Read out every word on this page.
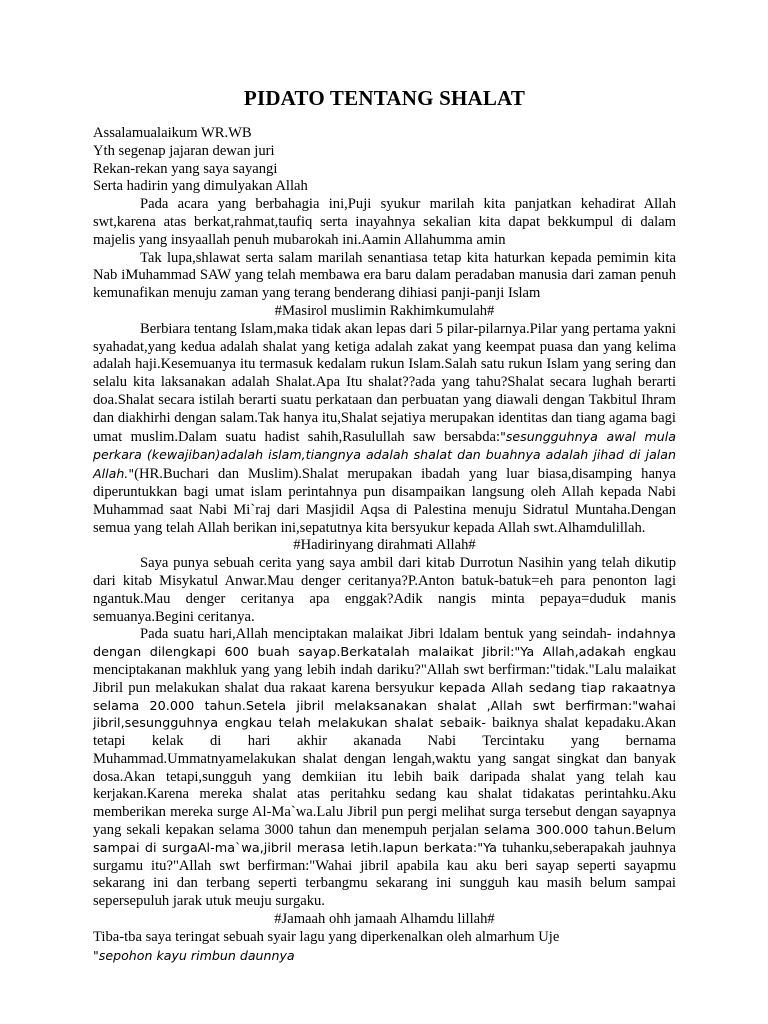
PIDATO TENTANG SHALAT

Assalamualaikum WR.WB

Yth segenap jajaran dewan juri

Rekan-rekan yang saya sayangi

Serta hadirin yang dimulyakan Allah

Pada acara yang berbahagia ini,Puji syukur marilah kita panjatkan kehadirat Allah swt,karena atas berkat,rahmat,taufiq serta inayahnya sekalian kita dapat bekkumpul di dalam majelis yang insyaallah penuh mubarokah ini.Aamin Allahumma amin

Tak lupa,shlawat serta salam marilah senantiasa tetap kita haturkan kepada pemimin kita Nab iMuhammad SAW yang telah membawa era baru dalam peradaban manusia dari zaman penuh kemunafikan menuju zaman yang terang benderang dihiasi panji-panji Islam

#Masirol muslimin Rakhimkumulah#

Berbiara tentang Islam,maka tidak akan lepas dari 5 pilar-pilarnya.Pilar yang pertama yakni syahadat,yang kedua adalah shalat yang ketiga adalah zakat yang keempat puasa dan yang kelima adalah haji.Kesemuanya itu termasuk kedalam rukun Islam.Salah satu rukun Islam yang sering dan selalu kita laksanakan adalah Shalat.Apa Itu shalat??ada yang tahu?Shalat secara lughah berarti doa.Shalat secara istilah berarti suatu perkataan dan perbuatan yang diawali dengan Takbitul Ihram dan diakhirhi dengan salam.Tak hanya itu,Shalat sejatiya merupakan identitas dan tiang agama bagi umat muslim.Dalam suatu hadist sahih,Rasulullah saw bersabda:"sesungguhnya awal mula perkara (kewajiban)adalah islam,tiangnya adalah shalat dan buahnya adalah jihad di jalan Allah."(HR.Buchari dan Muslim).Shalat merupakan ibadah yang luar biasa,disamping hanya diperuntukkan bagi umat islam perintahnya pun disampaikan langsung oleh Allah kepada Nabi Muhammad saat Nabi Mi`raj dari Masjidil Aqsa di Palestina menuju Sidratul Muntaha.Dengan semua yang telah Allah berikan ini,sepatutnya kita bersyukur kepada Allah swt.Alhamdulillah.

#Hadirinyang dirahmati Allah#

Saya punya sebuah cerita yang saya ambil dari kitab Durrotun Nasihin yang telah dikutip dari kitab Misykatul Anwar.Mau denger ceritanya?P.Anton batuk-batuk=eh para penonton lagi ngantuk.Mau denger ceritanya apa enggak?Adik nangis minta pepaya=duduk manis semuanya.Begini ceritanya.

Pada suatu hari,Allah menciptakan malaikat Jibri ldalam bentuk yang seindah- indahnya dengan dilengkapi 600 buah sayap.Berkatalah malaikat Jibril:"Ya Allah,adakah engkau menciptakanan makhluk yang yang lebih indah dariku?"Allah swt berfirman:"tidak."Lalu malaikat Jibril pun melakukan shalat dua rakaat karena bersyukur kepada Allah sedang tiap rakaatnya selama 20.000 tahun.Setela jibril melaksanakan shalat ,Allah swt berfirman:"wahai jibril,sesungguhnya engkau telah melakukan shalat sebaik- baiknya shalat kepadaku.Akan tetapi kelak di hari akhir akanada Nabi Tercintaku yang bernama Muhammad.Ummatnyamelakukan shalat dengan lengah,waktu yang sangat singkat dan banyak dosa.Akan tetapi,sungguh yang demkiian itu lebih baik daripada shalat yang telah kau kerjakan.Karena mereka shalat atas peritahku sedang kau shalat tidakatas perintahku.Aku memberikan mereka surge Al-Ma`wa.Lalu Jibril pun pergi melihat surga tersebut dengan sayapnya yang sekali kepakan selama 3000 tahun dan menempuh perjalan selama 300.000 tahun.Belum sampai di surgaAl-ma`wa,jibril merasa letih.Iapun berkata:"Ya tuhanku,seberapakah jauhnya surgamu itu?"Allah swt berfirman:"Wahai jibril apabila kau aku beri sayap seperti sayapmu sekarang ini dan terbang seperti terbangmu sekarang ini sungguh kau masih belum sampai sepersepuluh jarak utuk meuju surgaku.

#Jamaah ohh jamaah Alhamdu lillah#

Tiba-tba saya teringat sebuah syair lagu yang diperkenalkan oleh almarhum Uje

"sepohon kayu rimbun daunnya
